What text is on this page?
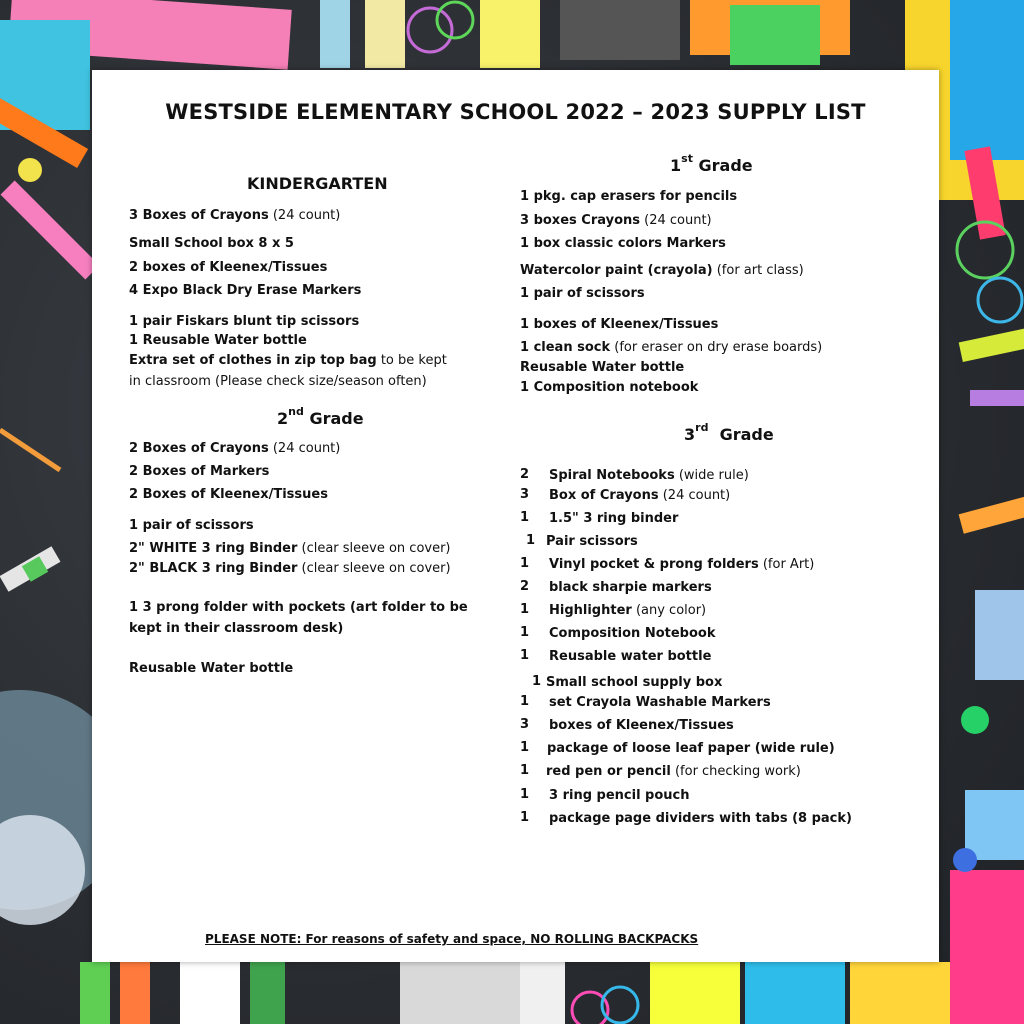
WESTSIDE ELEMENTARY SCHOOL 2022 – 2023 SUPPLY LIST
KINDERGARTEN
3 Boxes of Crayons (24 count)
Small School box 8 x 5
2 boxes of Kleenex/Tissues
4 Expo Black Dry Erase Markers
1 pair Fiskars blunt tip scissors
1 Reusable Water bottle
Extra set of clothes in zip top bag to be kept
in classroom (Please check size/season often)
1st Grade
1 pkg. cap erasers for pencils
3 boxes Crayons (24 count)
1 box classic colors Markers
Watercolor paint (crayola) (for art class)
1 pair of scissors
1 boxes of Kleenex/Tissues
1 clean sock (for eraser on dry erase boards)
Reusable Water bottle
1 Composition notebook
2nd Grade
2 Boxes of Crayons (24 count)
2 Boxes of Markers
2 Boxes of Kleenex/Tissues
1 pair of scissors
2" WHITE 3 ring Binder (clear sleeve on cover)
2" BLACK 3 ring Binder (clear sleeve on cover)
1 3 prong folder with pockets (art folder to be
kept in their classroom desk)
Reusable Water bottle
3rd Grade
2 Spiral Notebooks (wide rule)
3 Box of Crayons (24 count)
1 1.5" 3 ring binder
1 Pair scissors
1 Vinyl pocket & prong folders (for Art)
2 black sharpie markers
1 Highlighter (any color)
1 Composition Notebook
1 Reusable water bottle
1 Small school supply box
1 set Crayola Washable Markers
3 boxes of Kleenex/Tissues
1 package of loose leaf paper (wide rule)
1 red pen or pencil (for checking work)
1 3 ring pencil pouch
1 package page dividers with tabs (8 pack)
PLEASE NOTE: For reasons of safety and space, NO ROLLING BACKPACKS
